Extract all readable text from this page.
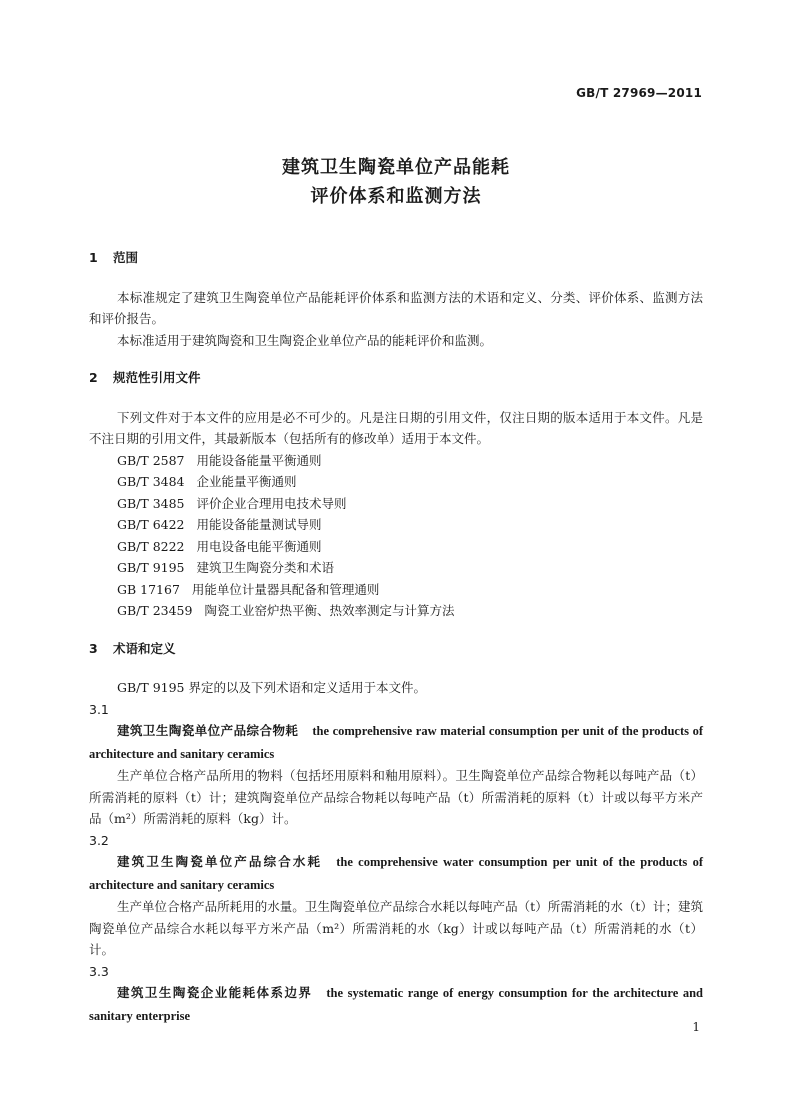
GB/T 27969—2011
建筑卫生陶瓷单位产品能耗
评价体系和监测方法

1 范围

本标准规定了建筑卫生陶瓷单位产品能耗评价体系和监测方法的术语和定义、分类、评价体系、监测方法和评价报告。

本标准适用于建筑陶瓷和卫生陶瓷企业单位产品的能耗评价和监测。

2 规范性引用文件

下列文件对于本文件的应用是必不可少的。凡是注日期的引用文件，仅注日期的版本适用于本文件。凡是不注日期的引用文件，其最新版本（包括所有的修改单）适用于本文件。

GB/T 2587 用能设备能量平衡通则

GB/T 3484 企业能量平衡通则

GB/T 3485 评价企业合理用电技术导则

GB/T 6422 用能设备能量测试导则

GB/T 8222 用电设备电能平衡通则

GB/T 9195 建筑卫生陶瓷分类和术语

GB 17167 用能单位计量器具配备和管理通则

GB/T 23459 陶瓷工业窑炉热平衡、热效率测定与计算方法

3 术语和定义

GB/T 9195 界定的以及下列术语和定义适用于本文件。

3.1

建筑卫生陶瓷单位产品综合物耗 the comprehensive raw material consumption per unit of the products of architecture and sanitary ceramics

生产单位合格产品所用的物料（包括坯用原料和釉用原料）。卫生陶瓷单位产品综合物耗以每吨产品（t）所需消耗的原料（t）计；建筑陶瓷单位产品综合物耗以每吨产品（t）所需消耗的原料（t）计或以每平方米产品（m²）所需消耗的原料（kg）计。

3.2

建筑卫生陶瓷单位产品综合水耗 the comprehensive water consumption per unit of the products of architecture and sanitary ceramics

生产单位合格产品所耗用的水量。卫生陶瓷单位产品综合水耗以每吨产品（t）所需消耗的水（t）计；建筑陶瓷单位产品综合水耗以每平方米产品（m²）所需消耗的水（kg）计或以每吨产品（t）所需消耗的水（t）计。

3.3

建筑卫生陶瓷企业能耗体系边界 the systematic range of energy consumption for the architecture and sanitary enterprise

1
